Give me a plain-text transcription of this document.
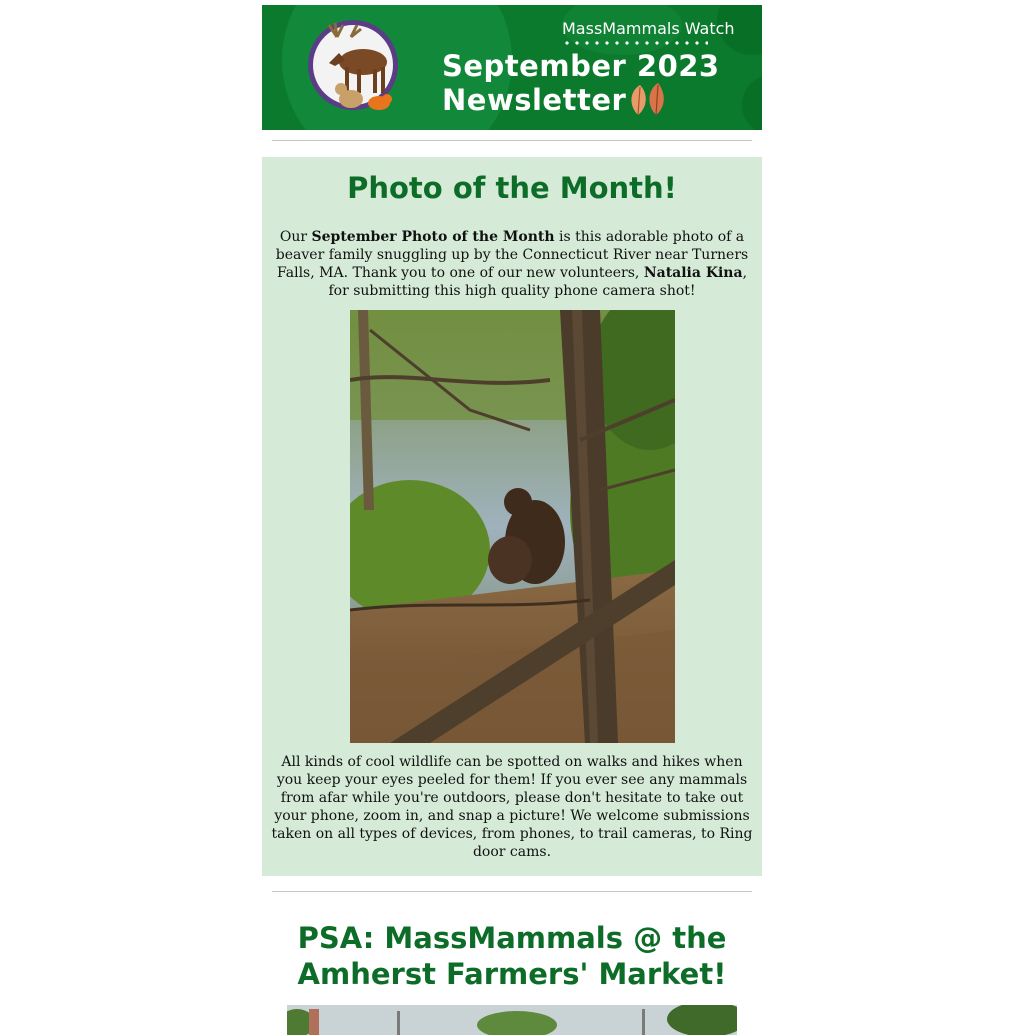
MassMammals Watch
September 2023
Newsletter
Photo of the Month!

Our September Photo of the Month is this adorable photo of a beaver family snuggling up by the Connecticut River near Turners Falls, MA. Thank you to one of our new volunteers, Natalia Kina, for submitting this high quality phone camera shot!

All kinds of cool wildlife can be spotted on walks and hikes when you keep your eyes peeled for them! If you ever see any mammals from afar while you're outdoors, please don't hesitate to take out your phone, zoom in, and snap a picture! We welcome submissions taken on all types of devices, from phones, to trail cameras, to Ring door cams.

PSA: MassMammals @ the
Amherst Farmers' Market!
